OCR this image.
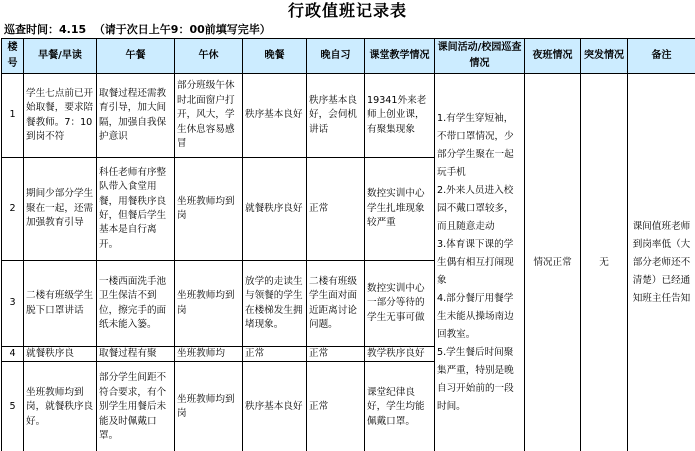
行政值班记录表
巡查时间：4.15 （请于次日上午9：00前填写完毕）
楼号	早餐/早读	午餐	午休	晚餐	晚自习	课堂教学情况	课间活动/校园巡查情况	夜班情况	突发情况	备注
1	学生七点前已开始取餐，要求陪餐教师。7：10到岗不符	取餐过程还需教育引导，加大间隔，加强自我保护意识	部分班级午休时北面窗户打开，风大，学生休息容易感冒	秩序基本良好	秩序基本良好，会伺机讲话	19341外来老师上创业课，有聚集现象	1.有学生穿短袖，不带口罩情况，少部分学生聚在一起玩手机
2.外来人员进入校园不戴口罩较多，而且随意走动
3.体育课下课的学生偶有相互打闹现象
4.部分餐厅用餐学生未能从操场南边回教室。
5.学生餐后时间聚集严重，特别是晚自习开始前的一段时间。	情况正常	无	课间值班老师到岗率低（大部分老师还不清楚）已经通知班主任告知
2	期间少部分学生聚在一起，还需加强教育引导	科任老师有序整队带入食堂用餐，用餐秩序良好，但餐后学生基本是自行离开。	坐班教师均到岗	就餐秩序良好	正常	数控实训中心学生扎堆现象较严重				

3	二楼有班级学生脱下口罩讲话	一楼西面洗手池卫生保洁不到位，擦完手的面纸未能入篓。	坐班教师均到岗	放学的走读生与领餐的学生在楼梯发生拥堵现象。	二楼有班级学生面对面近距离讨论问题。	数控实训中心一部分等待的学生无事可做				

4	就餐秩序良	取餐过程有聚	坐班教师均	正常	正常	教学秩序良好				

5	坐班教师均到岗，就餐秩序良好。	部分学生间距不符合要求，有个别学生用餐后未能及时佩戴口罩。	坐班教师均到岗	秩序基本良好	正常	课堂纪律良好，学生均能佩戴口罩。				
